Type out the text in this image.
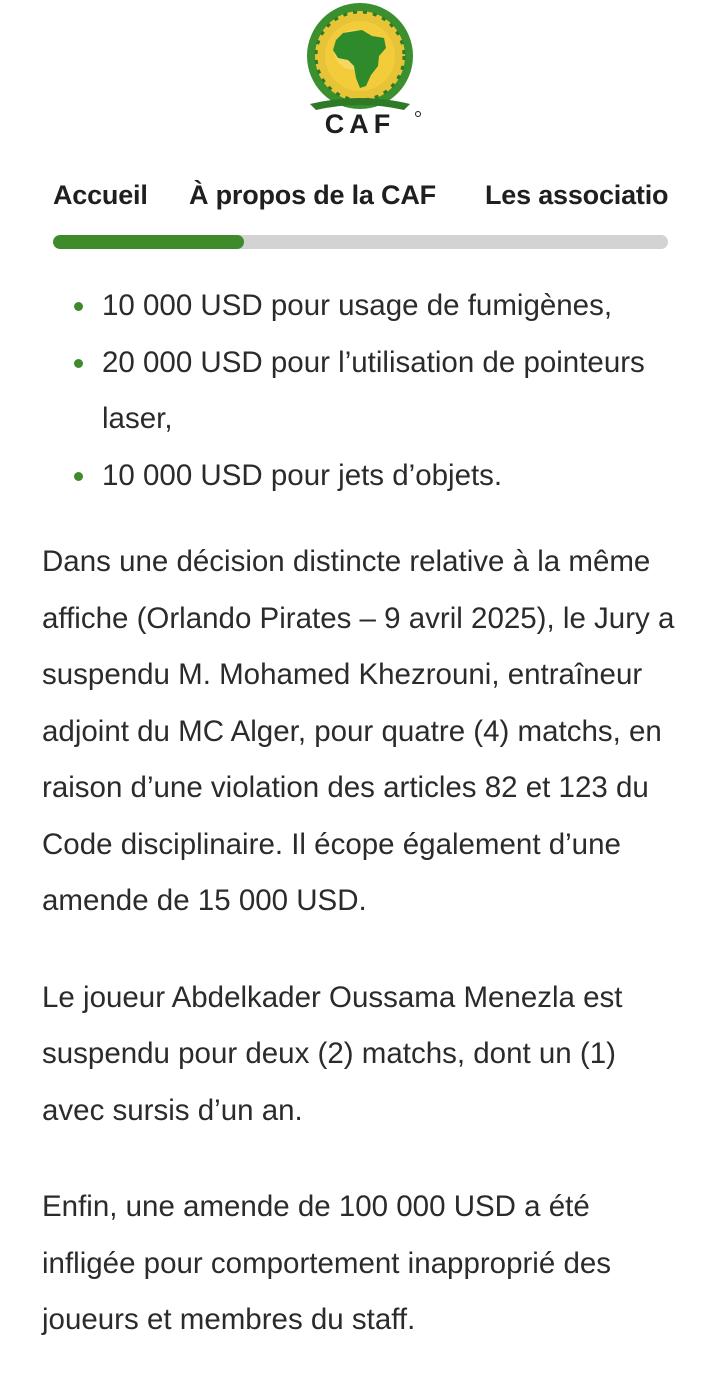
CAF
Accueil À propos de la CAF Les associatio
10 000 USD pour usage de fumigènes,
20 000 USD pour l’utilisation de pointeurs laser,
10 000 USD pour jets d’objets.

Dans une décision distincte relative à la même affiche (Orlando Pirates – 9 avril 2025), le Jury a suspendu M. Mohamed Khezrouni, entraîneur adjoint du MC Alger, pour quatre (4) matchs, en raison d’une violation des articles 82 et 123 du Code disciplinaire. Il écope également d’une amende de 15 000 USD.

Le joueur Abdelkader Oussama Menezla est suspendu pour deux (2) matchs, dont un (1) avec sursis d’un an.

Enfin, une amende de 100 000 USD a été infligée pour comportement inapproprié des joueurs et membres du staff.
